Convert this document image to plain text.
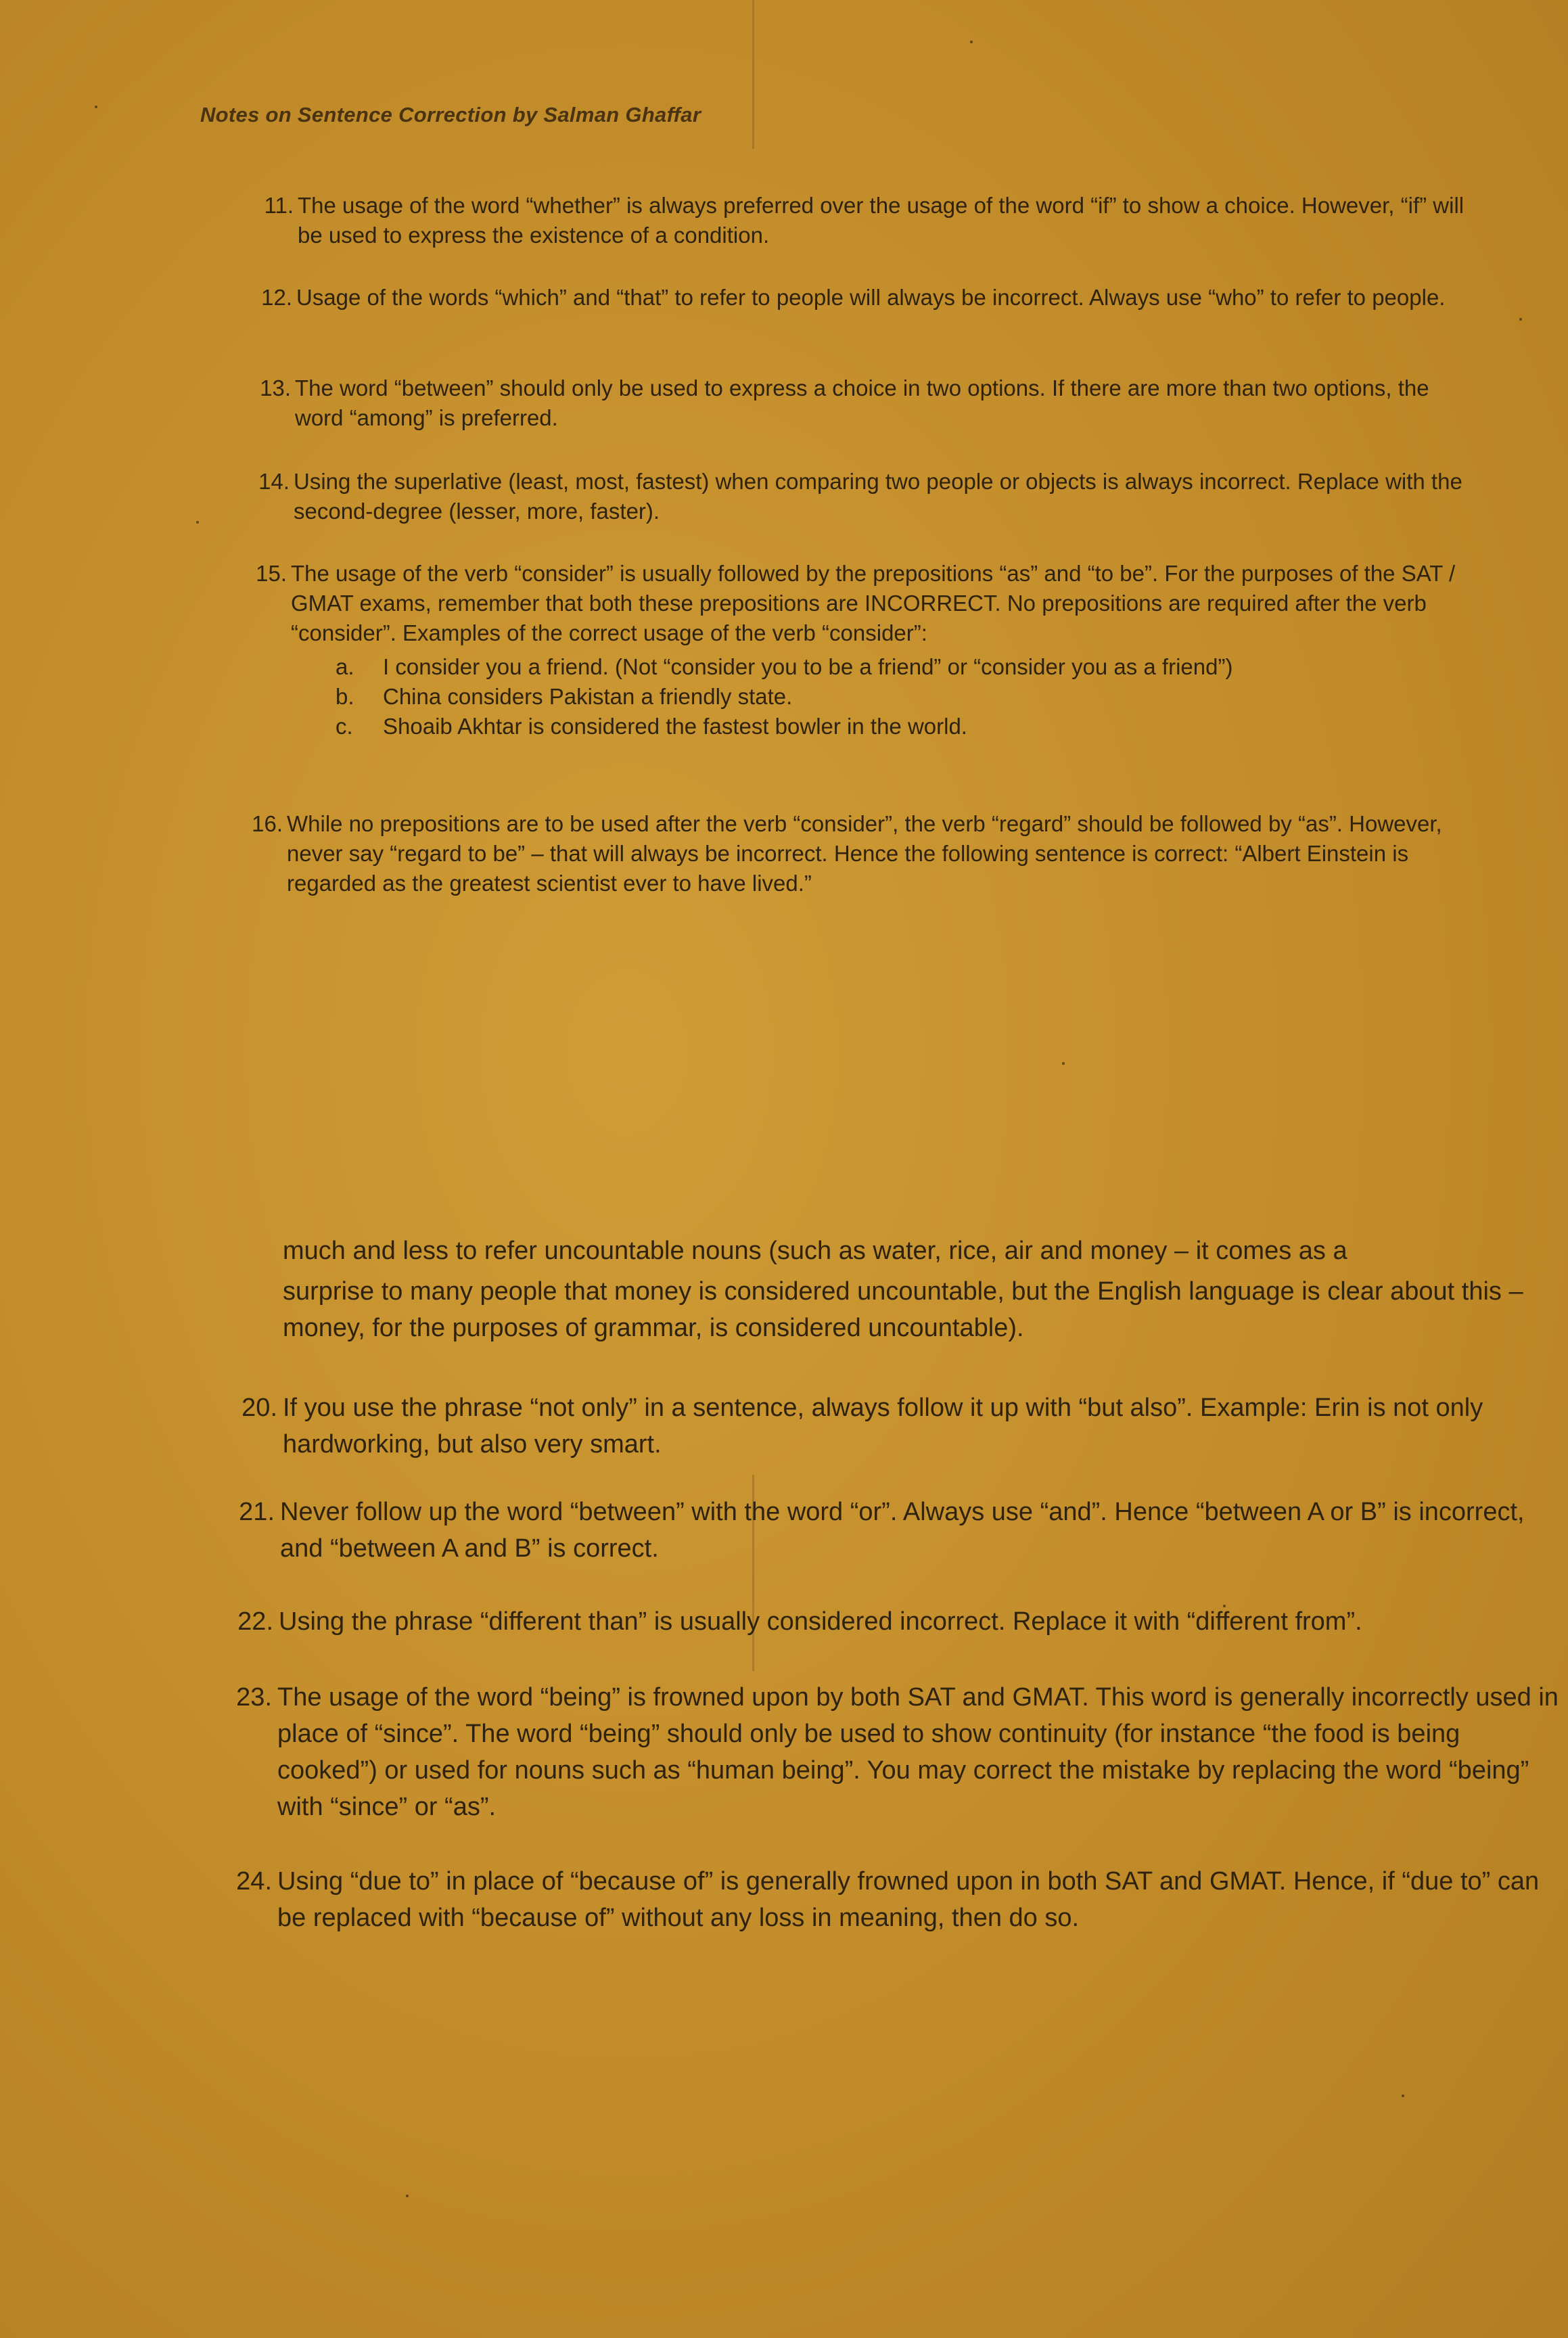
Notes on Sentence Correction by Salman Ghaffar
11. The usage of the word “whether” is always preferred over the usage of the word “if” to show a choice. However, “if” will be used to express the existence of a condition.
12. Usage of the words “which” and “that” to refer to people will always be incorrect. Always use “who” to refer to people.
13. The word “between” should only be used to express a choice in two options. If there are more than two options, the word “among” is preferred.
14. Using the superlative (least, most, fastest) when comparing two people or objects is always incorrect. Replace with the second-degree (lesser, more, faster).
15. The usage of the verb “consider” is usually followed by the prepositions “as” and “to be”. For the purposes of the SAT / GMAT exams, remember that both these prepositions are INCORRECT. No prepositions are required after the verb “consider”. Examples of the correct usage of the verb “consider”:
a. I consider you a friend. (Not “consider you to be a friend” or “consider you as a friend”)
b. China considers Pakistan a friendly state.
c. Shoaib Akhtar is considered the fastest bowler in the world.
16. While no prepositions are to be used after the verb “consider”, the verb “regard” should be followed by “as”. However, never say “regard to be” – that will always be incorrect. Hence the following sentence is correct: “Albert Einstein is regarded as the greatest scientist ever to have lived.”
much and less to refer uncountable nouns (such as water, rice, air and money – it comes as a
surprise to many people that money is considered uncountable, but the English language is clear about this – money, for the purposes of grammar, is considered uncountable).
20. If you use the phrase “not only” in a sentence, always follow it up with “but also”. Example: Erin is not only hardworking, but also very smart.
21. Never follow up the word “between” with the word “or”. Always use “and”. Hence “between A or B” is incorrect, and “between A and B” is correct.
22. Using the phrase “different than” is usually considered incorrect. Replace it with “different from”.
23. The usage of the word “being” is frowned upon by both SAT and GMAT. This word is generally incorrectly used in place of “since”. The word “being” should only be used to show continuity (for instance “the food is being cooked”) or used for nouns such as “human being”. You may correct the mistake by replacing the word “being” with “since” or “as”.
24. Using “due to” in place of “because of” is generally frowned upon in both SAT and GMAT. Hence, if “due to” can be replaced with “because of” without any loss in meaning, then do so.
